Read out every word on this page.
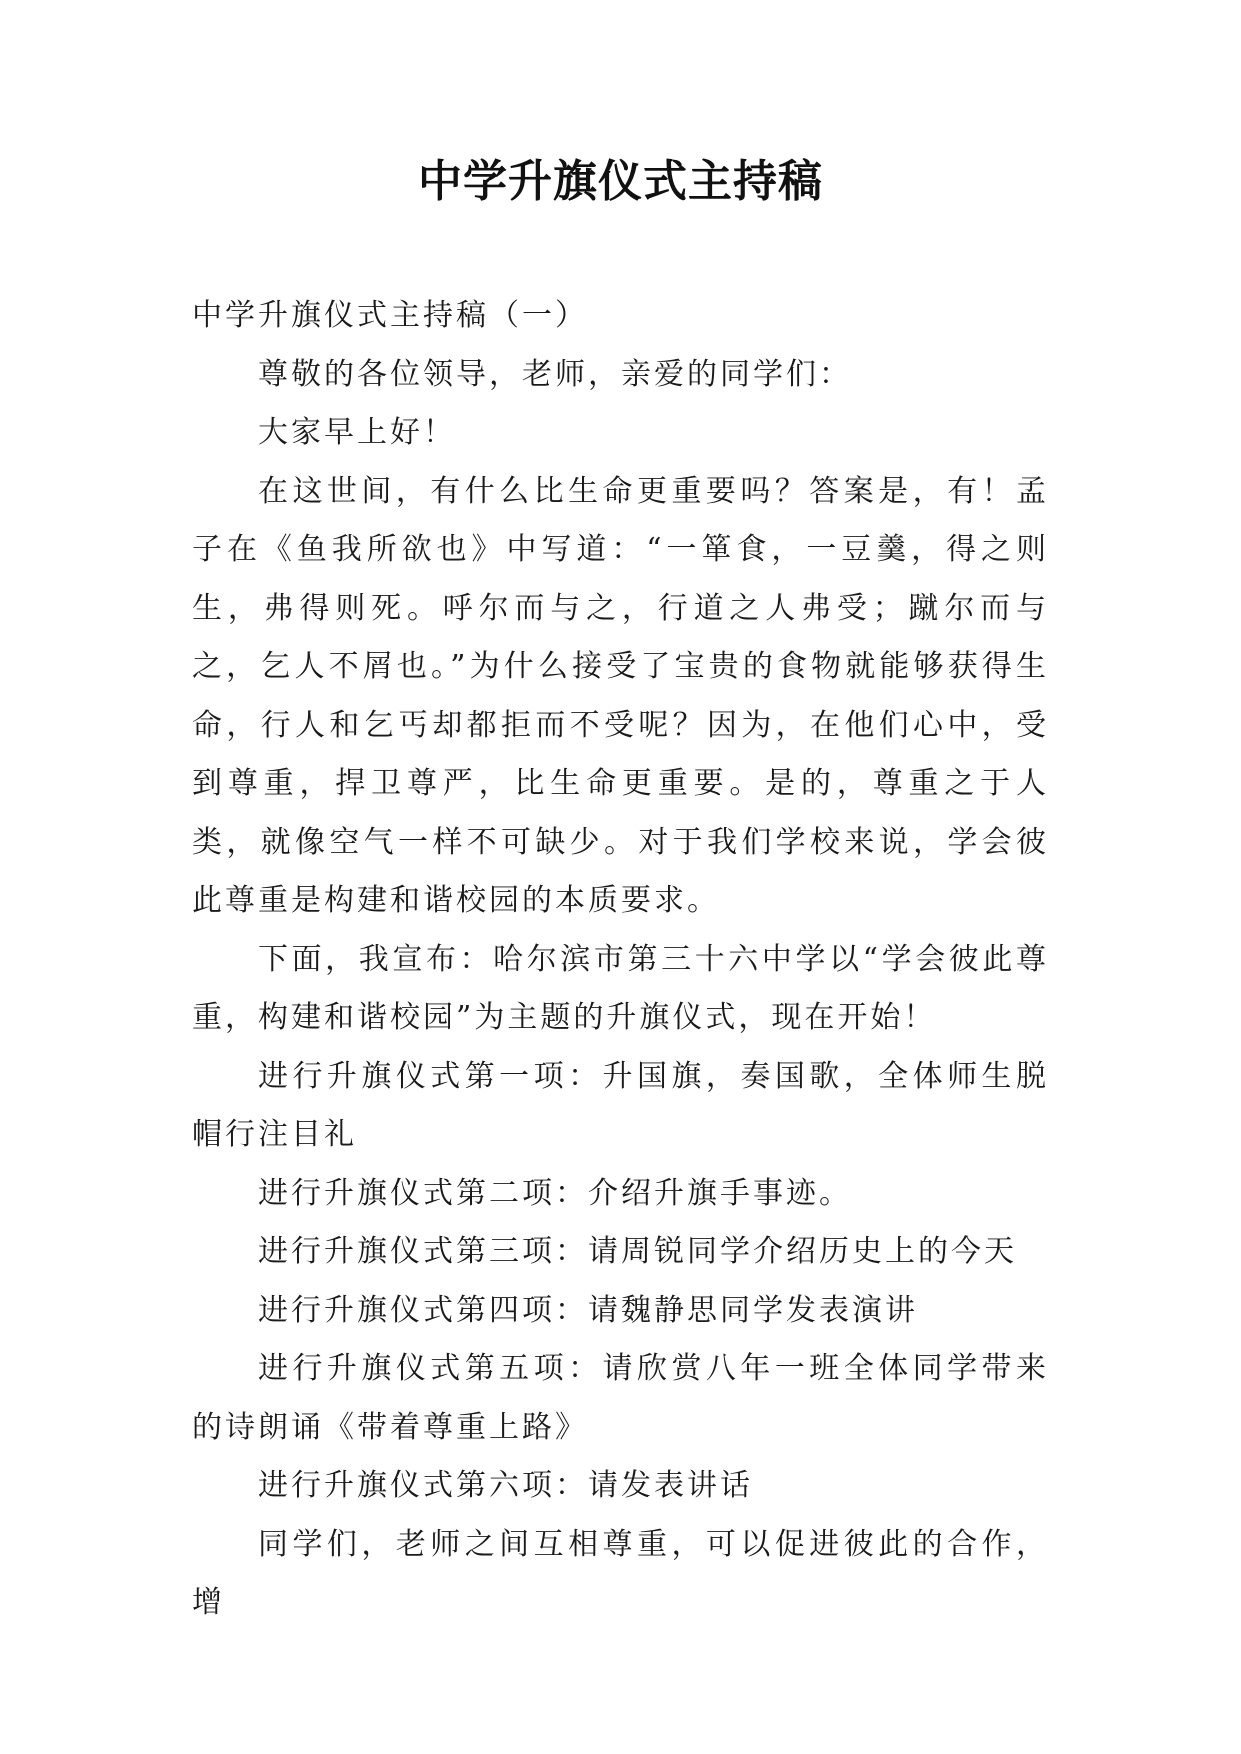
中学升旗仪式主持稿

中学升旗仪式主持稿（一）

尊敬的各位领导，老师，亲爱的同学们：

大家早上好！

在这世间，有什么比生命更重要吗？答案是，有！孟子在《鱼我所欲也》中写道：“一箪食，一豆羹，得之则生，弗得则死。呼尔而与之，行道之人弗受；蹴尔而与之，乞人不屑也。”为什么接受了宝贵的食物就能够获得生命，行人和乞丐却都拒而不受呢？因为，在他们心中，受到尊重，捍卫尊严，比生命更重要。是的，尊重之于人类，就像空气一样不可缺少。对于我们学校来说，学会彼此尊重是构建和谐校园的本质要求。

下面，我宣布：哈尔滨市第三十六中学以“学会彼此尊重，构建和谐校园”为主题的升旗仪式，现在开始！

进行升旗仪式第一项：升国旗，奏国歌，全体师生脱帽行注目礼

进行升旗仪式第二项：介绍升旗手事迹。

进行升旗仪式第三项：请周锐同学介绍历史上的今天

进行升旗仪式第四项：请魏静思同学发表演讲

进行升旗仪式第五项：请欣赏八年一班全体同学带来的诗朗诵《带着尊重上路》

进行升旗仪式第六项：请发表讲话

同学们，老师之间互相尊重，可以促进彼此的合作，增
